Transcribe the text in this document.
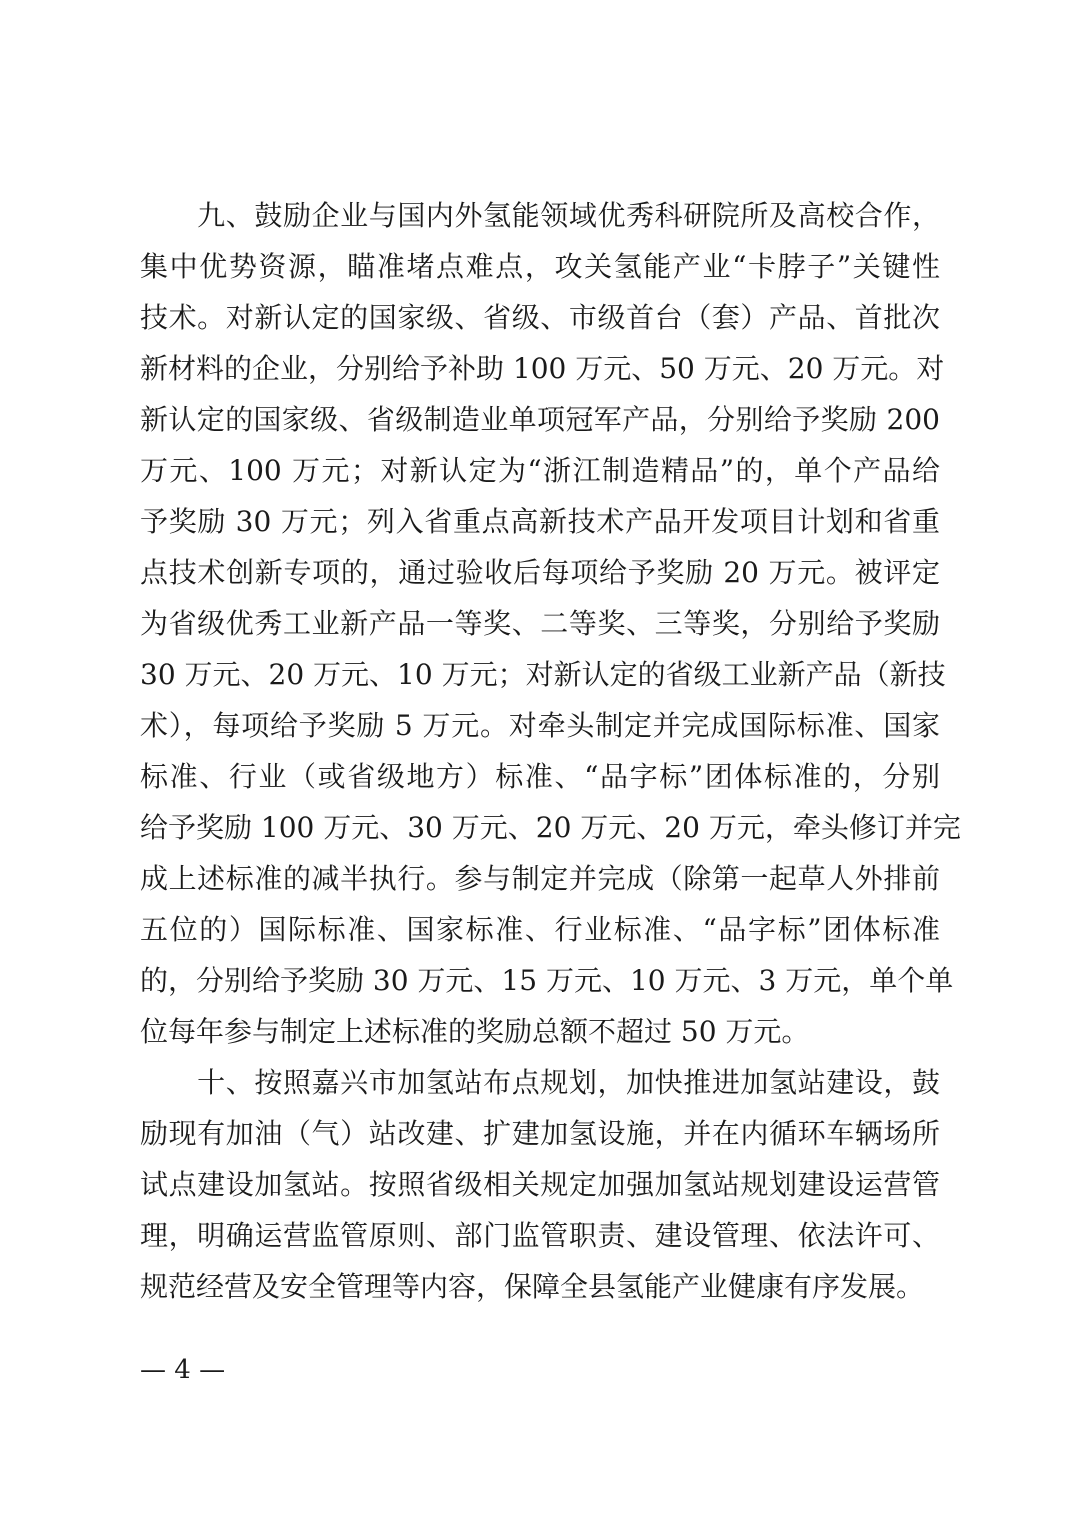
　　九、鼓励企业与国内外氢能领域优秀科研院所及高校合作，
集中优势资源，瞄准堵点难点，攻关氢能产业“卡脖子”关键性
技术。对新认定的国家级、省级、市级首台（套）产品、首批次
新材料的企业，分别给予补助 100 万元、50 万元、20 万元。对
新认定的国家级、省级制造业单项冠军产品，分别给予奖励 200
万元、100 万元；对新认定为“浙江制造精品”的，单个产品给
予奖励 30 万元；列入省重点高新技术产品开发项目计划和省重
点技术创新专项的，通过验收后每项给予奖励 20 万元。被评定
为省级优秀工业新产品一等奖、二等奖、三等奖，分别给予奖励
30 万元、20 万元、10 万元；对新认定的省级工业新产品（新技
术），每项给予奖励 5 万元。对牵头制定并完成国际标准、国家
标准、行业（或省级地方）标准、“品字标”团体标准的，分别
给予奖励 100 万元、30 万元、20 万元、20 万元，牵头修订并完
成上述标准的减半执行。参与制定并完成（除第一起草人外排前
五位的）国际标准、国家标准、行业标准、“品字标”团体标准
的，分别给予奖励 30 万元、15 万元、10 万元、3 万元，单个单
位每年参与制定上述标准的奖励总额不超过 50 万元。
　　十、按照嘉兴市加氢站布点规划，加快推进加氢站建设，鼓
励现有加油（气）站改建、扩建加氢设施，并在内循环车辆场所
试点建设加氢站。按照省级相关规定加强加氢站规划建设运营管
理，明确运营监管原则、部门监管职责、建设管理、依法许可、
规范经营及安全管理等内容，保障全县氢能产业健康有序发展。
— 4 —
